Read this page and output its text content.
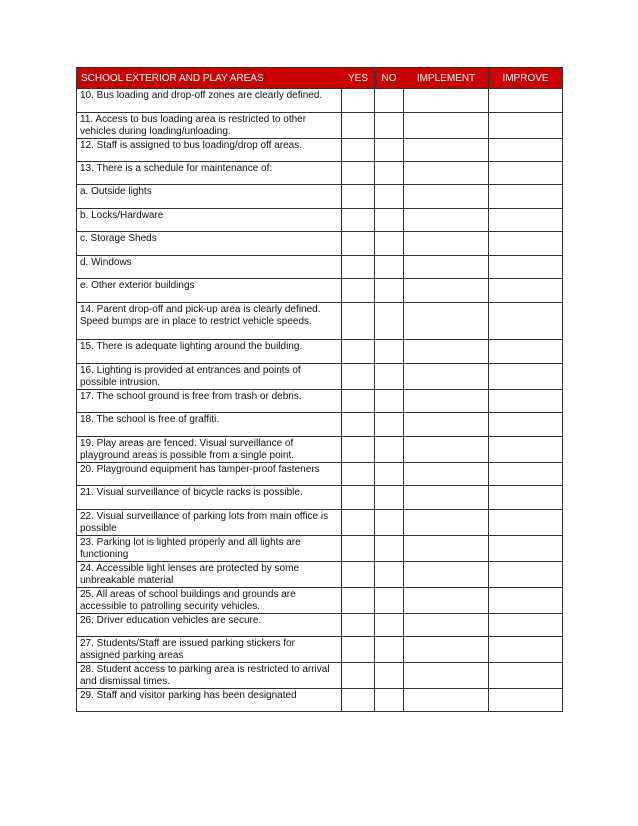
SCHOOL EXTERIOR AND PLAY AREAS	YES	NO	IMPLEMENT	IMPROVE
10. Bus loading and drop-off zones are clearly defined.				
11. Access to bus loading area is restricted to other vehicles during loading/unloading.				
12. Staff is assigned to bus loading/drop off areas.				
13. There is a schedule for maintenance of:				
a. Outside lights				
b. Locks/Hardware				
c. Storage Sheds				
d. Windows				
e. Other exterior buildings				
14. Parent drop-off and pick-up area is clearly defined. Speed bumps are in place to restrict vehicle speeds.				
15. There is adequate lighting around the building.				
16. Lighting is provided at entrances and points of possible intrusion.				
17. The school ground is free from trash or debris.				
18. The school is free of graffiti.				
19. Play areas are fenced. Visual surveillance of playground areas is possible from a single point.				
20. Playground equipment has tamper-proof fasteners				
21. Visual surveillance of bicycle racks is possible.				
22. Visual surveillance of parking lots from main office is possible				
23. Parking lot is lighted properly and all lights are functioning				
24. Accessible light lenses are protected by some unbreakable material				
25. All areas of school buildings and grounds are accessible to patrolling security vehicles.				
26. Driver education vehicles are secure.				
27. Students/Staff are issued parking stickers for assigned parking areas				
28. Student access to parking area is restricted to arrival and dismissal times.				
29. Staff and visitor parking has been designated				
